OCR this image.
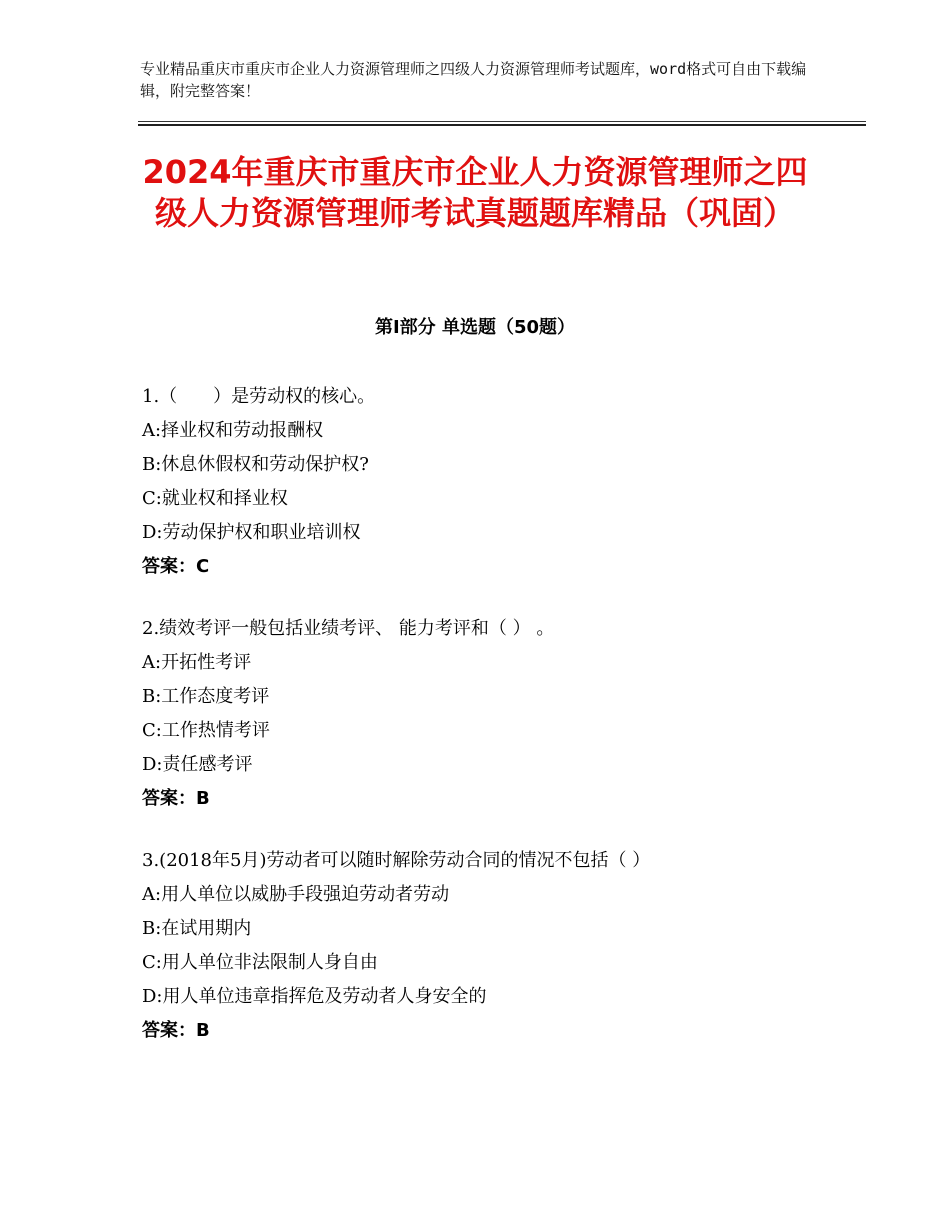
专业精品重庆市重庆市企业人力资源管理师之四级人力资源管理师考试题库，word格式可自由下载编辑，附完整答案！
2024年重庆市重庆市企业人力资源管理师之四级人力资源管理师考试真题题库精品（巩固）
第Ⅰ部分 单选题（50题）
1.（　　）是劳动权的核心。
A:择业权和劳动报酬权
B:休息休假权和劳动保护权?
C:就业权和择业权
D:劳动保护权和职业培训权
答案：C
2.绩效考评一般包括业绩考评、 能力考评和（ ） 。
A:开拓性考评
B:工作态度考评
C:工作热情考评
D:责任感考评
答案：B
3.(2018年5月)劳动者可以随时解除劳动合同的情况不包括（ ）
A:用人单位以威胁手段强迫劳动者劳动
B:在试用期内
C:用人单位非法限制人身自由
D:用人单位违章指挥危及劳动者人身安全的
答案：B
